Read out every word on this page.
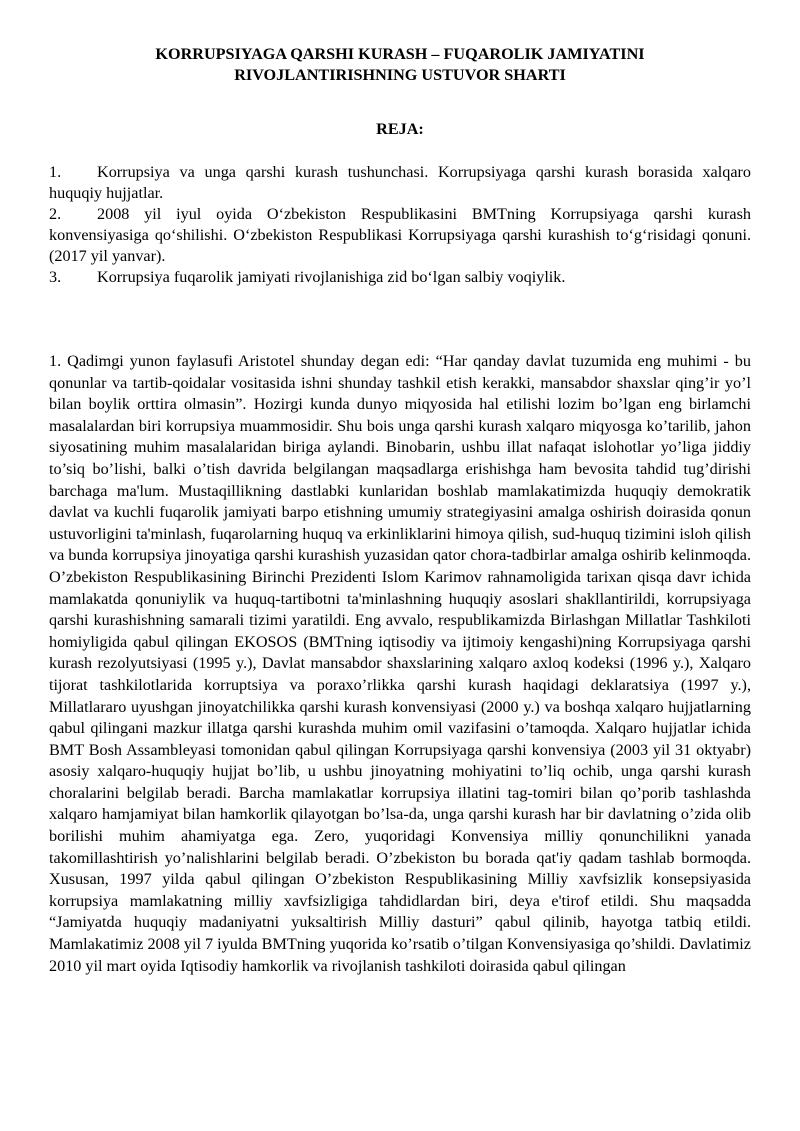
KORRUPSIYAGA QARSHI KURASH – FUQAROLIK JAMIYATINI
RIVOJLANTIRISHNING USTUVOR SHARTI
REJA:

1. Korrupsiya va unga qarshi kurash tushunchasi. Korrupsiyaga qarshi kurash borasida xalqaro huquqiy hujjatlar.

2. 2008 yil iyul oyida O‘zbekiston Respublikasini BMTning Korrupsiyaga qarshi kurash konvensiyasiga qo‘shilishi. O‘zbekiston Respublikasi Korrupsiyaga qarshi kurashish to‘g‘risidagi qonuni. (2017 yil yanvar).

3. Korrupsiya fuqarolik jamiyati rivojlanishiga zid bo‘lgan salbiy voqiylik.

1. Qadimgi yunon faylasufi Aristotel shunday degan edi: “Har qanday davlat tuzumida eng muhimi - bu qonunlar va tartib-qoidalar vositasida ishni shunday tashkil etish kerakki, mansabdor shaxslar qing’ir yo’l bilan boylik orttira olmasin”. Hozirgi kunda dunyo miqyosida hal etilishi lozim bo’lgan eng birlamchi masalalardan biri korrupsiya muammosidir. Shu bois unga qarshi kurash xalqaro miqyosga ko’tarilib, jahon siyosatining muhim masalalaridan biriga aylandi. Binobarin, ushbu illat nafaqat islohotlar yo’liga jiddiy to’siq bo’lishi, balki o’tish davrida belgilangan maqsadlarga erishishga ham bevosita tahdid tug’dirishi barchaga ma'lum. Mustaqillikning dastlabki kunlaridan boshlab mamlakatimizda huquqiy demokratik davlat va kuchli fuqarolik jamiyati barpo etishning umumiy strategiyasini amalga oshirish doirasida qonun ustuvorligini ta'minlash, fuqarolarning huquq va erkinliklarini himoya qilish, sud-huquq tizimini isloh qilish va bunda korrupsiya jinoyatiga qarshi kurashish yuzasidan qator chora-tadbirlar amalga oshirib kelinmoqda. O’zbekiston Respublikasining Birinchi Prezidenti Islom Karimov rahnamoligida tarixan qisqa davr ichida mamlakatda qonuniylik va huquq-tartibotni ta'minlashning huquqiy asoslari shakllantirildi, korrupsiyaga qarshi kurashishning samarali tizimi yaratildi. Eng avvalo, respublikamizda Birlashgan Millatlar Tashkiloti homiyligida qabul qilingan EKOSOS (BMTning iqtisodiy va ijtimoiy kengashi)ning Korrupsiyaga qarshi kurash rezolyutsiyasi (1995 y.), Davlat mansabdor shaxslarining xalqaro axloq kodeksi (1996 y.), Xalqaro tijorat tashkilotlarida korruptsiya va poraxo’rlikka qarshi kurash haqidagi deklaratsiya (1997 y.), Millatlararo uyushgan jinoyatchilikka qarshi kurash konvensiyasi (2000 y.) va boshqa xalqaro hujjatlarning qabul qilingani mazkur illatga qarshi kurashda muhim omil vazifasini o’tamoqda. Xalqaro hujjatlar ichida BMT Bosh Assambleyasi tomonidan qabul qilingan Korrupsiyaga qarshi konvensiya (2003 yil 31 oktyabr) asosiy xalqaro-huquqiy hujjat bo’lib, u ushbu jinoyatning mohiyatini to’liq ochib, unga qarshi kurash choralarini belgilab beradi. Barcha mamlakatlar korrupsiya illatini tag-tomiri bilan qo’porib tashlashda xalqaro hamjamiyat bilan hamkorlik qilayotgan bo’lsa-da, unga qarshi kurash har bir davlatning o’zida olib borilishi muhim ahamiyatga ega. Zero, yuqoridagi Konvensiya milliy qonunchilikni yanada takomillashtirish yo’nalishlarini belgilab beradi. O’zbekiston bu borada qat'iy qadam tashlab bormoqda. Xususan, 1997 yilda qabul qilingan O’zbekiston Respublikasining Milliy xavfsizlik konsepsiyasida korrupsiya mamlakatning milliy xavfsizligiga tahdidlardan biri, deya e'tirof etildi. Shu maqsadda “Jamiyatda huquqiy madaniyatni yuksaltirish Milliy dasturi” qabul qilinib, hayotga tatbiq etildi. Mamlakatimiz 2008 yil 7 iyulda BMTning yuqorida ko’rsatib o’tilgan Konvensiyasiga qo’shildi. Davlatimiz 2010 yil mart oyida Iqtisodiy hamkorlik va rivojlanish tashkiloti doirasida qabul qilingan
